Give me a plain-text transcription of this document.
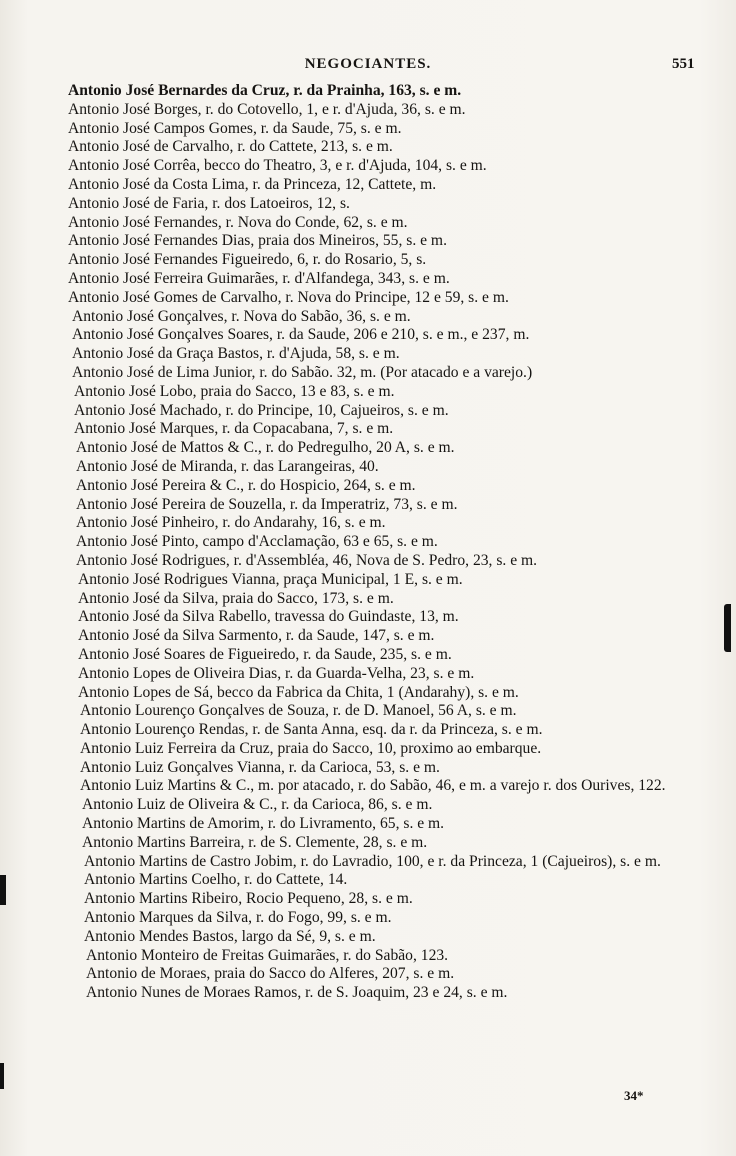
NEGOCIANTES.	551
Antonio José Bernardes da Cruz, r. da Prainha, 163, s. e m.
Antonio José Borges, r. do Cotovello, 1, e r. d'Ajuda, 36, s. e m.
Antonio José Campos Gomes, r. da Saude, 75, s. e m.
Antonio José de Carvalho, r. do Cattete, 213, s. e m.
Antonio José Corrêa, becco do Theatro, 3, e r. d'Ajuda, 104, s. e m.
Antonio José da Costa Lima, r. da Princeza, 12, Cattete, m.
Antonio José de Faria, r. dos Latoeiros, 12, s.
Antonio José Fernandes, r. Nova do Conde, 62, s. e m.
Antonio José Fernandes Dias, praia dos Mineiros, 55, s. e m.
Antonio José Fernandes Figueiredo, 6, r. do Rosario, 5, s.
Antonio José Ferreira Guimarães, r. d'Alfandega, 343, s. e m.
Antonio José Gomes de Carvalho, r. Nova do Principe, 12 e 59, s. e m.
Antonio José Gonçalves, r. Nova do Sabão, 36, s. e m.
Antonio José Gonçalves Soares, r. da Saude, 206 e 210, s. e m., e 237, m.
Antonio José da Graça Bastos, r. d'Ajuda, 58, s. e m.
Antonio José de Lima Junior, r. do Sabão. 32, m. (Por atacado e a varejo.)
Antonio José Lobo, praia do Sacco, 13 e 83, s. e m.
Antonio José Machado, r. do Principe, 10, Cajueiros, s. e m.
Antonio José Marques, r. da Copacabana, 7, s. e m.
Antonio José de Mattos & C., r. do Pedregulho, 20 A, s. e m.
Antonio José de Miranda, r. das Larangeiras, 40.
Antonio José Pereira & C., r. do Hospicio, 264, s. e m.
Antonio José Pereira de Souzella, r. da Imperatriz, 73, s. e m.
Antonio José Pinheiro, r. do Andarahy, 16, s. e m.
Antonio José Pinto, campo d'Acclamação, 63 e 65, s. e m.
Antonio José Rodrigues, r. d'Assembléa, 46, Nova de S. Pedro, 23, s. e m.
Antonio José Rodrigues Vianna, praça Municipal, 1 E, s. e m.
Antonio José da Silva, praia do Sacco, 173, s. e m.
Antonio José da Silva Rabello, travessa do Guindaste, 13, m.
Antonio José da Silva Sarmento, r. da Saude, 147, s. e m.
Antonio José Soares de Figueiredo, r. da Saude, 235, s. e m.
Antonio Lopes de Oliveira Dias, r. da Guarda-Velha, 23, s. e m.
Antonio Lopes de Sá, becco da Fabrica da Chita, 1 (Andarahy), s. e m.
Antonio Lourenço Gonçalves de Souza, r. de D. Manoel, 56 A, s. e m.
Antonio Lourenço Rendas, r. de Santa Anna, esq. da r. da Princeza, s. e m.
Antonio Luiz Ferreira da Cruz, praia do Sacco, 10, proximo ao embarque.
Antonio Luiz Gonçalves Vianna, r. da Carioca, 53, s. e m.
Antonio Luiz Martins & C., m. por atacado, r. do Sabão, 46, e m. a varejo r. dos Ourives, 122.
Antonio Luiz de Oliveira & C., r. da Carioca, 86, s. e m.
Antonio Martins de Amorim, r. do Livramento, 65, s. e m.
Antonio Martins Barreira, r. de S. Clemente, 28, s. e m.
Antonio Martins de Castro Jobim, r. do Lavradio, 100, e r. da Princeza, 1 (Cajueiros), s. e m.
Antonio Martins Coelho, r. do Cattete, 14.
Antonio Martins Ribeiro, Rocio Pequeno, 28, s. e m.
Antonio Marques da Silva, r. do Fogo, 99, s. e m.
Antonio Mendes Bastos, largo da Sé, 9, s. e m.
Antonio Monteiro de Freitas Guimarães, r. do Sabão, 123.
Antonio de Moraes, praia do Sacco do Alferes, 207, s. e m.
Antonio Nunes de Moraes Ramos, r. de S. Joaquim, 23 e 24, s. e m.
34*
